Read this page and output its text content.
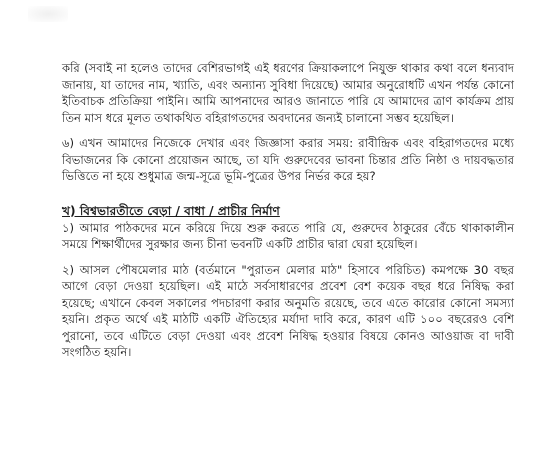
করি (সবাই না হলেও তাদের বেশিরভাগই এই ধরণের ক্রিয়াকলাপে নিযুক্ত থাকার কথা বলে ধন্যবাদ জানায়, যা তাদের নাম, খ্যাতি, এবং অন্যান্য সুবিধা দিয়েছে) আমার অনুরোধটি এখন পর্যন্ত কোনো ইতিবাচক প্রতিক্রিয়া পাইনি। আমি আপনাদের আরও জানাতে পারি যে আমাদের ত্রাণ কার্যক্রম প্রায় তিন মাস ধরে মূলত তথাকথিত বহিরাগতদের অবদানের জন্যই চালানো সম্ভব হয়েছিল।

৬) এখন আমাদের নিজেকে দেখার এবং জিজ্ঞাসা করার সময়: রাবীন্দ্রিক এবং বহিরাগতদের মধ্যে বিভাজনের কি কোনো প্রয়োজন আছে, তা যদি গুরুদেবের ভাবনা চিন্তার প্রতি নিষ্ঠা ও দায়বদ্ধতার ভিত্তিতে না হয়ে শুধুমাত্র জন্ম-সূত্রে ভূমি-পুত্রের উপর নির্ভর করে হয়?

খ) বিশ্বভারতীতে বেড়া / বাধা / প্রাচীর নির্মাণ

১) আমার পাঠকদের মনে করিয়ে দিয়ে শুরু করতে পারি যে, গুরুদেব ঠাকুরের বেঁচে থাকাকালীন সময়ে শিক্ষার্থীদের সুরক্ষার জন্য চীনা ভবনটি একটি প্রাচীর দ্বারা ঘেরা হয়েছিল।

২) আসল পৌষমেলার মাঠ (বর্তমানে "পুরাতন মেলার মাঠ" হিসাবে পরিচিত) কমপক্ষে 30 বছর আগে বেড়া দেওয়া হয়েছিল। এই মাঠে সর্বসাধারণের প্রবেশ বেশ কয়েক বছর ধরে নিষিদ্ধ করা হয়েছে; এখানে কেবল সকালের পদচারণা করার অনুমতি রয়েছে, তবে এতে কারোর কোনো সমস্যা হয়নি। প্রকৃত অর্থে এই মাঠটি একটি ঐতিহ্যের মর্যাদা দাবি করে, কারণ এটি ১০০ বছরেরও বেশি পুরানো, তবে এটিতে বেড়া দেওয়া এবং প্রবেশ নিষিদ্ধ হওয়ার বিষয়ে কোনও আওয়াজ বা দাবী সংগঠিত হয়নি।
